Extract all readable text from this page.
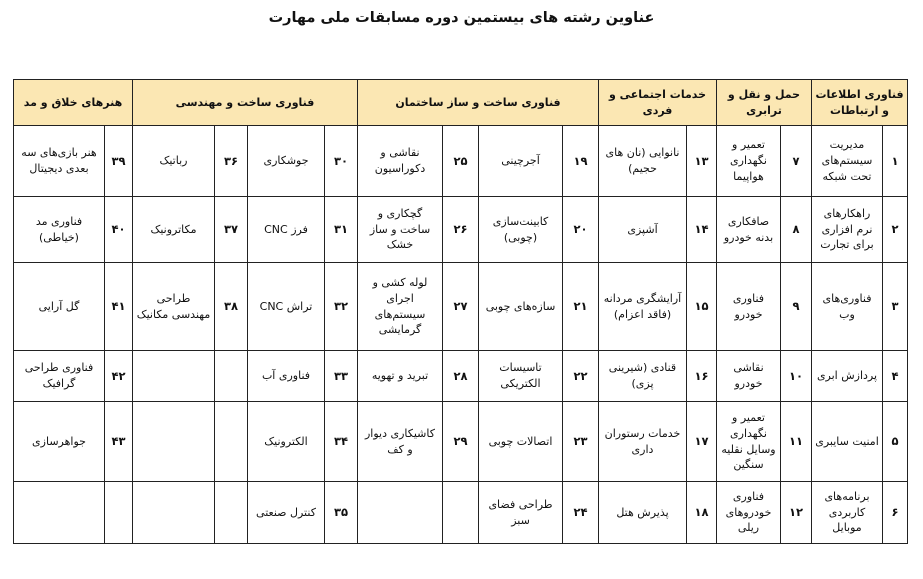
عناوین رشته های بیستمین دوره مسابقات ملی مهارت
فناوری اطلاعات و ارتباطات		حمل و نقل و ترابری		خدمات اجتماعی و فردی		فناوری ساخت و ساز ساختمان				فناوری ساخت و مهندسی				هنرهای خلاق و مد	
۱	مدیریت سیستم‌های تحت شبکه	۷	تعمیر و نگهداری هواپیما	۱۳	نانوایی (نان های حجیم)	۱۹	آجرچینی	۲۵	نقاشی و دکوراسیون	۳۰	جوشکاری	۳۶	رباتیک	۳۹	هنر بازی‌های سه بعدی دیجیتال
۲	راهکارهای نرم افزاری برای تجارت	۸	صافکاری بدنه خودرو	۱۴	آشپزی	۲۰	کابینت‌سازی (چوبی)	۲۶	گچکاری و ساخت و ساز خشک	۳۱	فرز CNC	۳۷	مکاترونیک	۴۰	فناوری مد (خیاطی)
۳	فناوری‌های وب	۹	فناوری خودرو	۱۵	آرایشگری مردانه (فاقد اعزام)	۲۱	سازه‌های چوبی	۲۷	لوله کشی و اجرای سیستم‌های گرمایشی	۳۲	تراش CNC	۳۸	طراحی مهندسی مکانیک	۴۱	گل آرایی
۴	پردازش ابری	۱۰	نقاشی خودرو	۱۶	قنادی (شیرینی پزی)	۲۲	تاسیسات الکتریکی	۲۸	تبرید و تهویه	۳۳	فناوری آب			۴۲	فناوری طراحی گرافیک
۵	امنیت سایبری	۱۱	تعمیر و نگهداری وسایل نقلیه سنگین	۱۷	خدمات رستوران داری	۲۳	اتصالات چوبی	۲۹	کاشیکاری دیوار و کف	۳۴	الکترونیک			۴۳	جواهرسازی
۶	برنامه‌های کاربردی موبایل	۱۲	فناوری خودروهای ریلی	۱۸	پذیرش هتل	۲۴	طراحی فضای سبز			۳۵	کنترل صنعتی				
